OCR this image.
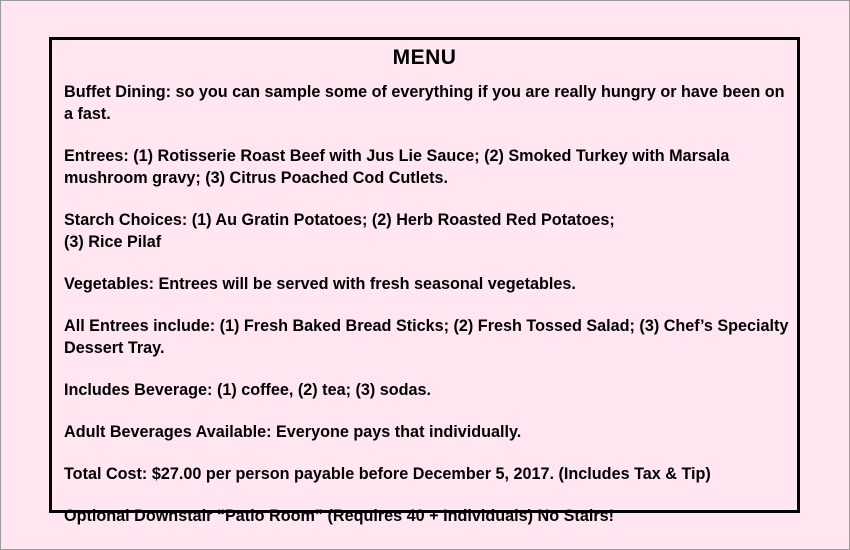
MENU

Buffet Dining: so you can sample some of everything if you are really hungry or have been on a fast.

Entrees: (1) Rotisserie Roast Beef with Jus Lie Sauce; (2) Smoked Turkey with Marsala mushroom gravy; (3) Citrus Poached Cod Cutlets.

Starch Choices: (1) Au Gratin Potatoes; (2) Herb Roasted Red Potatoes;
(3) Rice Pilaf

Vegetables: Entrees will be served with fresh seasonal vegetables.

All Entrees include: (1) Fresh Baked Bread Sticks; (2) Fresh Tossed Salad; (3) Chef’s Specialty Dessert Tray.

Includes Beverage: (1) coffee, (2) tea; (3) sodas.

Adult Beverages Available: Everyone pays that individually.

Total Cost: $27.00 per person payable before December 5, 2017. (Includes Tax & Tip)

Optional Downstair “Patio Room” (Requires 40 + Individuals) No Stairs!
